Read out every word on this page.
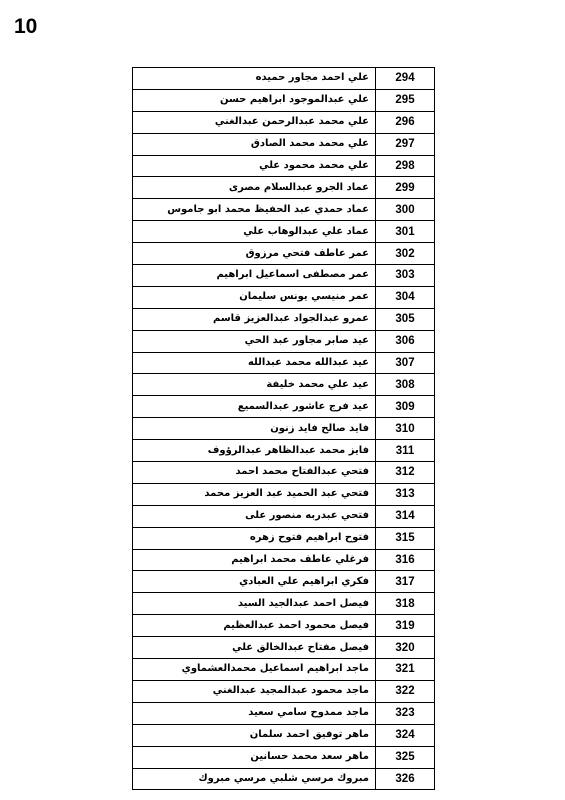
10
علي احمد مجاور حميده	294
علي عبدالموجود ابراهيم حسن	295
علي محمد عبدالرحمن عبدالغني	296
علي محمد محمد الصادق	297
علي محمد محمود علي	298
عماد الجرو عبدالسلام مصرى	299
عماد حمدي عبد الحفيظ محمد ابو جاموس	300
عماد علي عبدالوهاب علي	301
عمر عاطف فتحي مرزوق	302
عمر مصطفى اسماعيل ابراهيم	303
عمر منيسي يونس سليمان	304
عمرو عبدالجواد عبدالعزيز قاسم	305
عيد صابر مجاور عبد الحي	306
عيد عبدالله محمد عبدالله	307
عيد علي محمد خليفة	308
عيد فرج عاشور عبدالسميع	309
فايد صالح فايد زنون	310
فايز محمد عبدالظاهر عبدالرؤوف	311
فتحي عبدالفتاح محمد احمد	312
فتحي عبد الحميد عبد العزيز محمد	313
فتحي عبدربه منصور على	314
فتوح ابراهيم فتوح زهره	315
فرغلي عاطف محمد ابراهيم	316
فكري ابراهيم علي العبادي	317
فيصل احمد عبدالجيد السيد	318
فيصل محمود احمد عبدالعظيم	319
فيصل مفتاح عبدالخالق علي	320
ماجد ابراهيم اسماعيل محمدالعشماوي	321
ماجد محمود عبدالمجيد عبدالغني	322
ماجد ممدوح سامي سعيد	323
ماهر توفيق احمد سلمان	324
ماهر سعد محمد حسانين	325
مبروك مرسي شلبي مرسي مبروك	326
